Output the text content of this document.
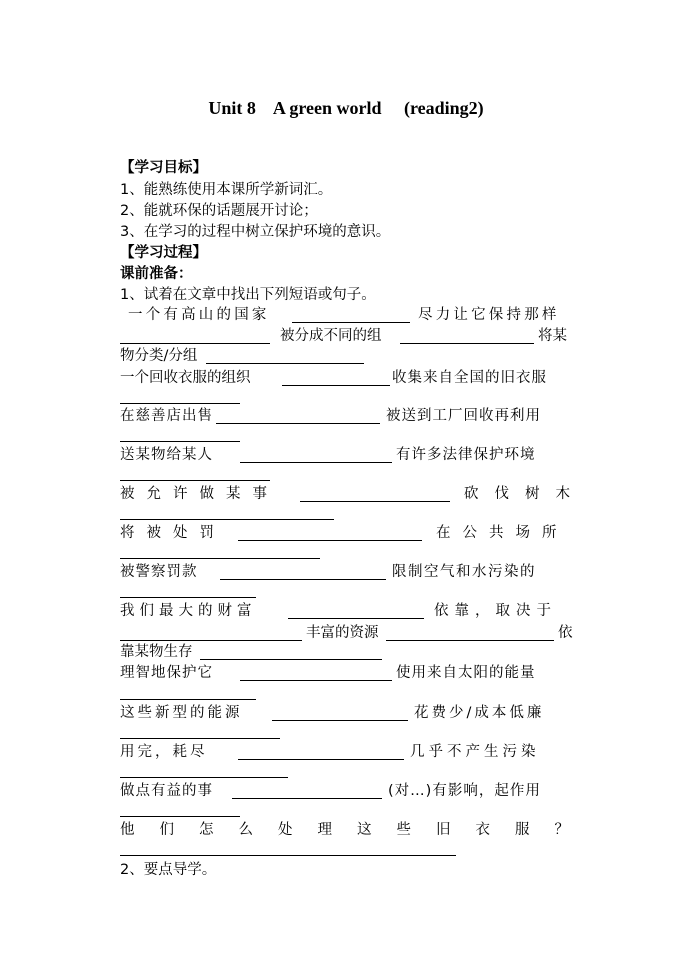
Unit 8    A green world     (reading2)
【学习目标】
1、能熟练使用本课所学新词汇。
2、能就环保的话题展开讨论；
3、在学习的过程中树立保护环境的意识。
【学习过程】
课前准备：
1、试着在文章中找出下列短语或句子。
一个有高山的国家	尽力让它保持那样
被分成不同的组	将某
物分类/分组
一个回收衣服的组织	收集来自全国的旧衣服
在慈善店出售	被送到工厂回收再利用
送某物给某人	有许多法律保护环境
被允许做某事	砍伐树木
将被处罚	在公共场所
被警察罚款	限制空气和水污染的
我们最大的财富	依靠，取决于
丰富的资源	依
靠某物生存
理智地保护它	使用来自太阳的能量
这些新型的能源	花费少/成本低廉
用完，耗尽	几乎不产生污染
做点有益的事	(对…)有影响，起作用
他们怎么处理这些旧衣服？
2、要点导学。
